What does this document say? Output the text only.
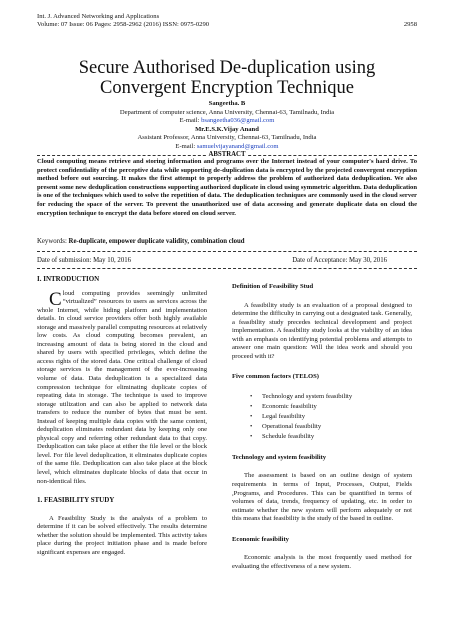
Int. J. Advanced Networking and Applications
Volume: 07 Issue: 06 Pages: 2958-2962 (2016) ISSN: 0975-0290	2958
Secure Authorised De-duplication using
Convergent Encryption Technique
Sangeetha. B
Department of computer science, Anna University, Chennai-63, Tamilnadu, India
E-mail: bsangeetha036@gmail.com
Mr.E.S.K.Vijay Anand
Assistant Professor, Anna University, Chennai-63, Tamilnadu, India
E-mail: samuelvijayanand@gmail.com
ABSTRACT
Cloud computing means retrieve and storing information and programs over the Internet instead of your computer's hard drive. To protect confidentiality of the perceptive data while supporting de-duplication data is encrypted by the projected convergent encryption method before out sourcing. It makes the first attempt to properly address the problem of authorized data deduplication. We also present some new deduplication constructions supporting authorized duplicate in cloud using symmetric algorithm. Data deduplication is one of the techniques which used to solve the repetition of data. The deduplication techniques are commonly used in the cloud server for reducing the space of the server. To prevent the unauthorized use of data accessing and generate duplicate data on cloud the encryption technique to encrypt the data before stored on cloud server.
Keywords: Re-duplicate, empower duplicate validity, combination cloud
Date of submission: May 10, 2016	Date of Acceptance: May 30, 2016
I. INTRODUCTION

Cloud computing provides seemingly unlimited “virtualized” resources to users as services across the whole Internet, while hiding platform and implementation details. In cloud service providers offer both highly available storage and massively parallel computing resources at relatively low costs. As cloud computing becomes prevalent, an increasing amount of data is being stored in the cloud and shared by users with specified privileges, which define the access rights of the stored data. One critical challenge of cloud storage services is the management of the ever-increasing volume of data. Data deduplication is a specialized data compression technique for eliminating duplicate copies of repeating data in storage. The technique is used to improve storage utilization and can also be applied to network data transfers to reduce the number of bytes that must be sent. Instead of keeping multiple data copies with the same content, deduplication eliminates redundant data by keeping only one physical copy and referring other redundant data to that copy. Deduplication can take place at either the file level or the block level. For file level deduplication, it eliminates duplicate copies of the same file. Deduplication can also take place at the block level, which eliminates duplicate blocks of data that occur in non-identical files.

1. FEASIBILITY STUDY

A Feasibility Study is the analysis of a problem to determine if it can be solved effectively. The results determine whether the solution should be implemented. This activity takes place during the project initiation phase and is made before significant expenses are engaged.

Definition of Feasibility Stud

A feasibility study is an evaluation of a proposal designed to determine the difficulty in carrying out a designated task. Generally, a feasibility study precedes technical development and project implementation. A feasibility study looks at the viability of an idea with an emphasis on identifying potential problems and attempts to answer one main question: Will the idea work and should you proceed with it?

Five common factors (TELOS)
• Technology and system feasibility
• Economic feasibility
• Legal feasibility
• Operational feasibility
• Schedule feasibility
Technology and system feasibility

The assessment is based on an outline design of system requirements in terms of Input, Processes, Output, Fields ,Programs, and Procedures. This can be quantified in terms of volumes of data, trends, frequency of updating, etc. in order to estimate whether the new system will perform adequately or not this means that feasibility is the study of the based in outline.

Economic feasibility

Economic analysis is the most frequently used method for evaluating the effectiveness of a new system.
